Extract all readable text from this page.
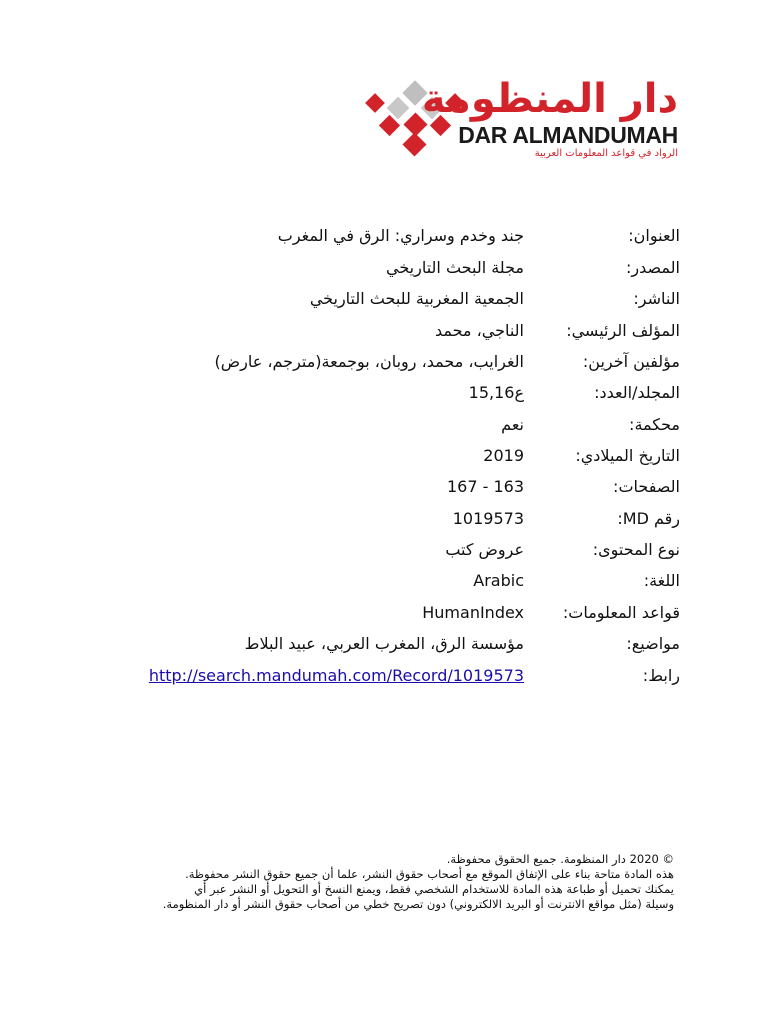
دار المنظومة
DAR ALMANDUMAH
الرواد في قواعد المعلومات العربية
العنوان:
جند وخدم وسراري: الرق في المغرب
المصدر:
مجلة البحث التاريخي
الناشر:
الجمعية المغربية للبحث التاريخي
المؤلف الرئيسي:
الناجي، محمد
مؤلفين آخرين:
الغرايب، محمد، روبان، بوجمعة(مترجم، عارض)
المجلد/العدد:
ع15,16
محكمة:
نعم
التاريخ الميلادي:
2019
الصفحات:
163 - 167
رقم MD:
1019573
نوع المحتوى:
عروض كتب
اللغة:
Arabic
قواعد المعلومات:
HumanIndex
مواضيع:
مؤسسة الرق، المغرب العربي، عبيد البلاط
رابط:
http://search.mandumah.com/Record/1019573
© 2020 دار المنظومة. جميع الحقوق محفوظة.
هذه المادة متاحة بناء على الإتفاق الموقع مع أصحاب حقوق النشر، علما أن جميع حقوق النشر محفوظة.
يمكنك تحميل أو طباعة هذه المادة للاستخدام الشخصي فقط، ويمنع النسخ أو التحويل أو النشر عبر أي
وسيلة (مثل مواقع الانترنت أو البريد الالكتروني) دون تصريح خطي من أصحاب حقوق النشر أو دار المنظومة.
